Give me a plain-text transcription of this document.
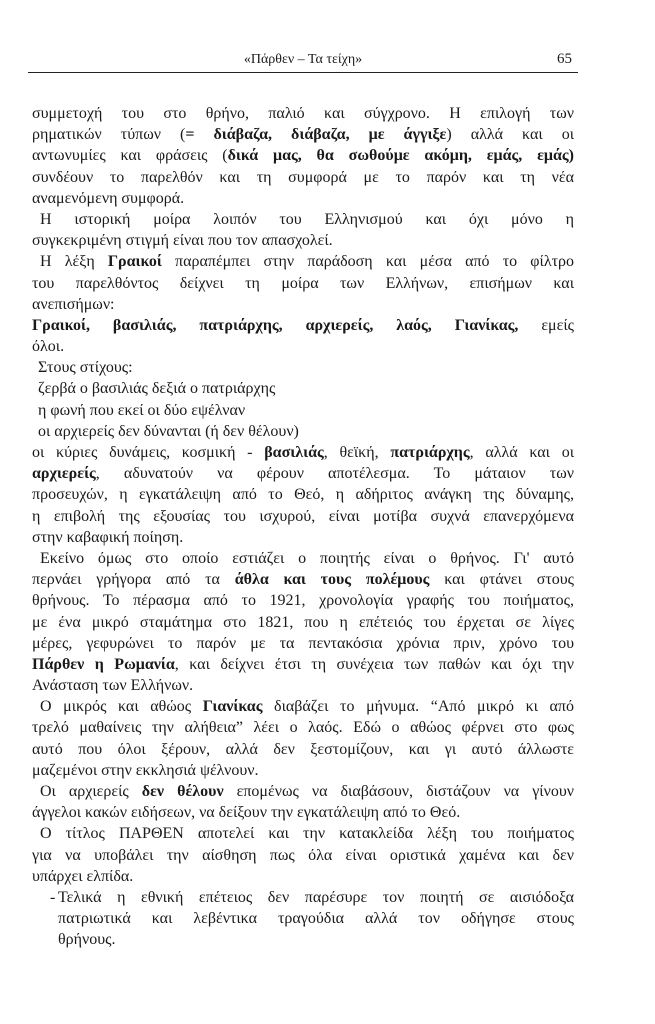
«Πάρθεν – Τα τείχη»	65
συμμετοχή του στο θρήνο, παλιό και σύγχρονο. Η επιλογή των
ρηματικών τύπων (= διάβαζα, διάβαζα, με άγγιξε) αλλά και οι
αντωνυμίες και φράσεις (δικά μας, θα σωθούμε ακόμη, εμάς, εμάς)
συνδέουν το παρελθόν και τη συμφορά με το παρόν και τη νέα
αναμενόμενη συμφορά.
Η ιστορική μοίρα λοιπόν του Ελληνισμού και όχι μόνο η
συγκεκριμένη στιγμή είναι που τον απασχολεί.
Η λέξη Γραικοί παραπέμπει στην παράδοση και μέσα από το φίλτρο
του παρελθόντος δείχνει τη μοίρα των Ελλήνων, επισήμων και
ανεπισήμων:
Γραικοί, βασιλιάς, πατριάρχης, αρχιερείς, λαός, Γιανίκας, εμείς
όλοι.
Στους στίχους:
ζερβά ο βασιλιάς δεξιά ο πατριάρχης
η φωνή που εκεί οι δύο εψέλναν
οι αρχιερείς δεν δύνανται (ή δεν θέλουν)
οι κύριες δυνάμεις, κοσμική - βασιλιάς, θεϊκή, πατριάρχης, αλλά και οι
αρχιερείς, αδυνατούν να φέρουν αποτέλεσμα. Το μάταιον των
προσευχών, η εγκατάλειψη από το Θεό, η αδήριτος ανάγκη της δύναμης,
η επιβολή της εξουσίας του ισχυρού, είναι μοτίβα συχνά επανερχόμενα
στην καβαφική ποίηση.
Εκείνο όμως στο οποίο εστιάζει ο ποιητής είναι ο θρήνος. Γι' αυτό
περνάει γρήγορα από τα άθλα και τους πολέμους και φτάνει στους
θρήνους. Το πέρασμα από το 1921, χρονολογία γραφής του ποιήματος,
με ένα μικρό σταμάτημα στο 1821, που η επέτειός του έρχεται σε λίγες
μέρες, γεφυρώνει το παρόν με τα πεντακόσια χρόνια πριν, χρόνο του
Πάρθεν η Ρωμανία, και δείχνει έτσι τη συνέχεια των παθών και όχι την
Ανάσταση των Ελλήνων.
Ο μικρός και αθώος Γιανίκας διαβάζει το μήνυμα. “Από μικρό κι από
τρελό μαθαίνεις την αλήθεια” λέει ο λαός. Εδώ ο αθώος φέρνει στο φως
αυτό που όλοι ξέρουν, αλλά δεν ξεστομίζουν, και γι αυτό άλλωστε
μαζεμένοι στην εκκλησιά ψέλνουν.
Οι αρχιερείς δεν θέλουν επομένως να διαβάσουν, διστάζουν να γίνουν
άγγελοι κακών ειδήσεων, να δείξουν την εγκατάλειψη από το Θεό.
Ο τίτλος ΠΑΡΘΕΝ αποτελεί και την κατακλείδα λέξη του ποιήματος
για να υποβάλει την αίσθηση πως όλα είναι οριστικά χαμένα και δεν
υπάρχει ελπίδα.
- Τελικά η εθνική επέτειος δεν παρέσυρε τον ποιητή σε αισιόδοξα
πατριωτικά και λεβέντικα τραγούδια αλλά τον οδήγησε στους
θρήνους.
